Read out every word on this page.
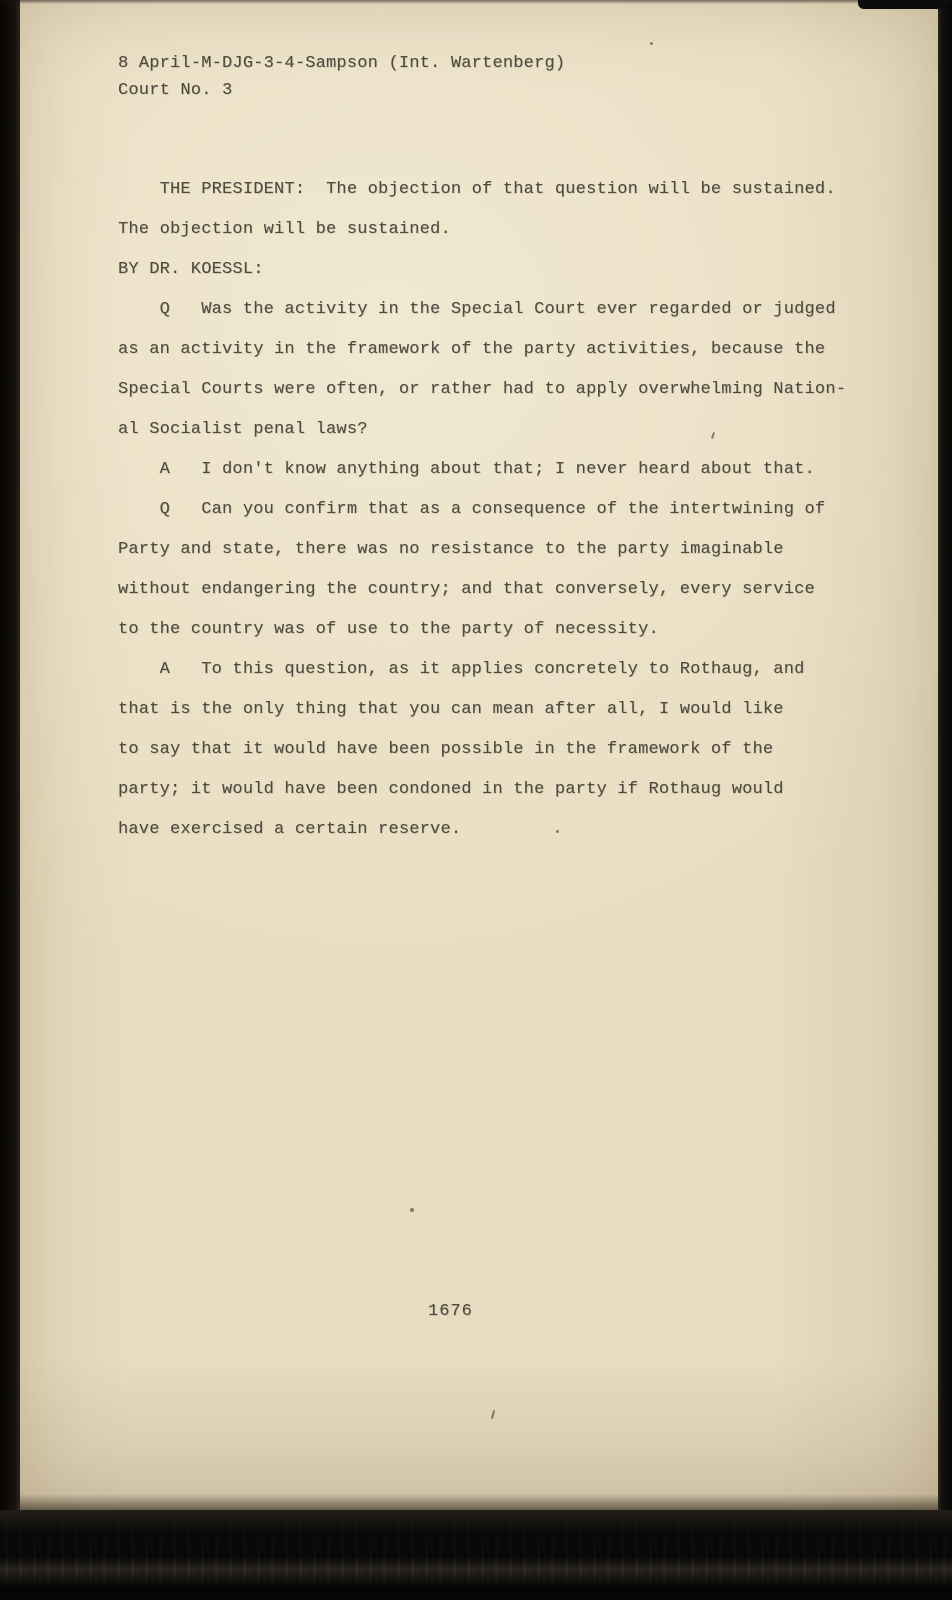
8 April-M-DJG-3-4-Sampson (Int. Wartenberg)
Court No. 3
THE PRESIDENT:  The objection of that question will be sustained.
The objection will be sustained.
BY DR. KOESSL:
Q   Was the activity in the Special Court ever regarded or judged
as an activity in the framework of the party activities, because the
Special Courts were often, or rather had to apply overwhelming Nation-
al Socialist penal laws?
A   I don't know anything about that; I never heard about that.
Q   Can you confirm that as a consequence of the intertwining of
Party and state, there was no resistance to the party imaginable
without endangering the country; and that conversely, every service
to the country was of use to the party of necessity.
A   To this question, as it applies concretely to Rothaug, and
that is the only thing that you can mean after all, I would like
to say that it would have been possible in the framework of the
party; it would have been condoned in the party if Rothaug would
have exercised a certain reserve.
1676
